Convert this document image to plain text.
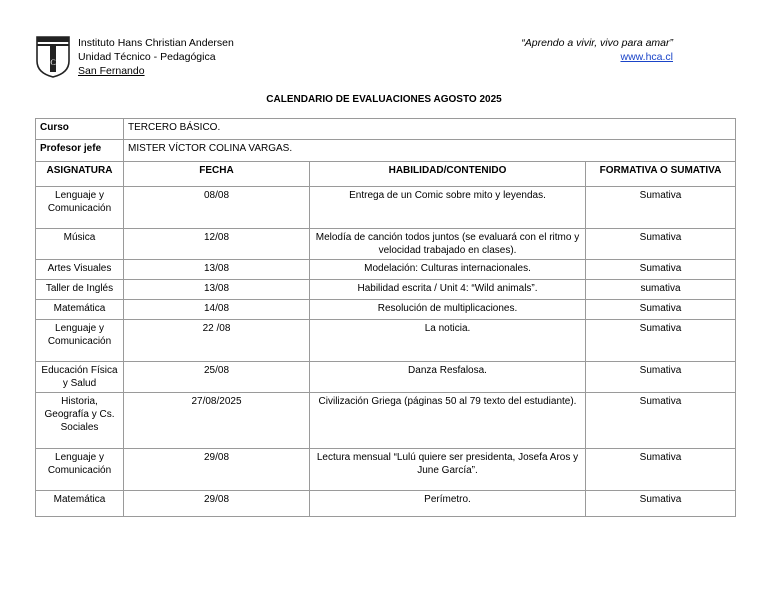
HCA
Instituto Hans Christian Andersen
Unidad Técnico - Pedagógica
San Fernando
“Aprendo a vivir, vivo para amar”
www.hca.cl
CALENDARIO DE EVALUACIONES AGOSTO 2025
Curso	TERCERO BÁSICO.		
Profesor jefe	MISTER VÍCTOR COLINA VARGAS.		
ASIGNATURA	FECHA	HABILIDAD/CONTENIDO	FORMATIVA O SUMATIVA
Lenguaje y Comunicación	08/08	Entrega de un Comic sobre mito y leyendas.	Sumativa
Música	12/08	Melodía de canción todos juntos (se evaluará con el ritmo y velocidad trabajado en clases).	Sumativa
Artes Visuales	13/08	Modelación: Culturas internacionales.	Sumativa
Taller de Inglés	13/08	Habilidad escrita / Unit 4: “Wild animals”.	sumativa
Matemática	14/08	Resolución de multiplicaciones.	Sumativa
Lenguaje y Comunicación	22 /08	La noticia.	Sumativa
Educación Física y Salud	25/08	Danza Resfalosa.	Sumativa
Historia, Geografía y Cs. Sociales	27/08/2025	Civilización Griega (páginas 50 al 79 texto del estudiante).	Sumativa
Lenguaje y Comunicación	29/08	Lectura mensual “Lulú quiere ser presidenta, Josefa Aros y June García”.	Sumativa
Matemática	29/08	Perímetro.	Sumativa
